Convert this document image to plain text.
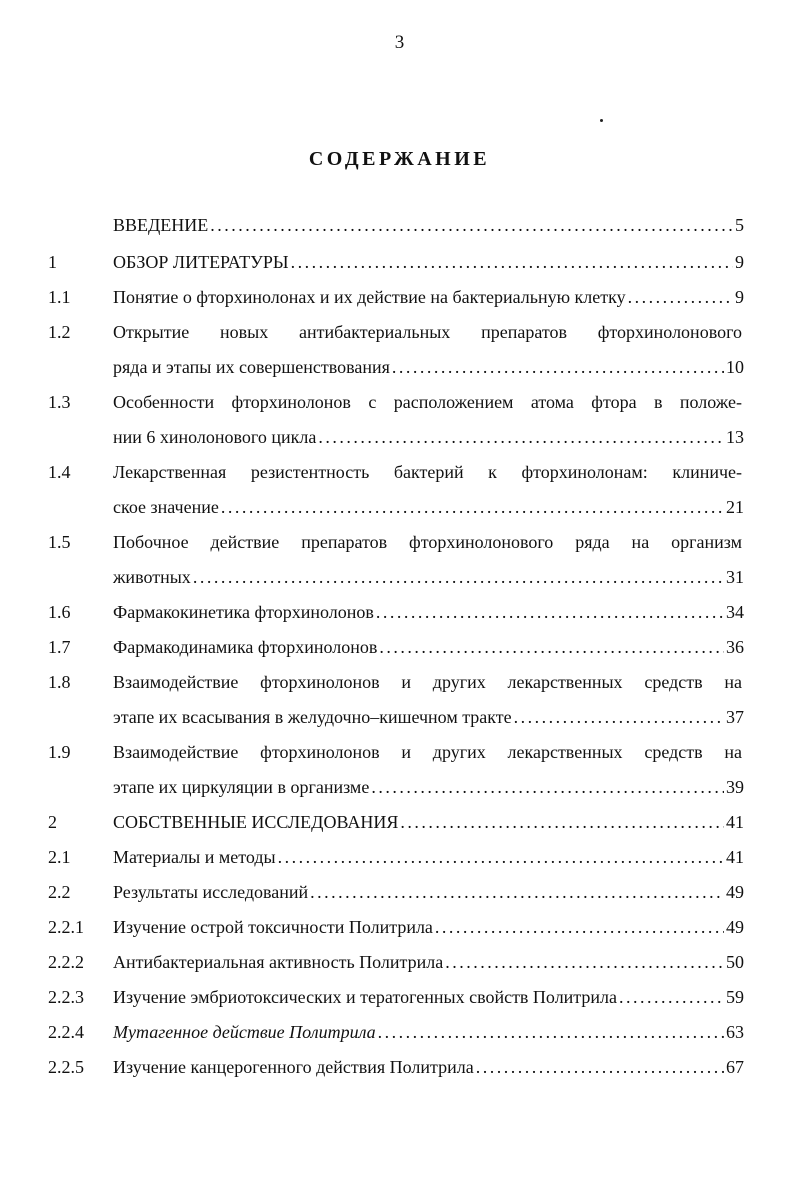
3
СОДЕРЖАНИЕ
ВВЕДЕНИЕ . . .	5
1	ОБЗОР ЛИТЕРАТУРЫ . . .	9
1.1 Понятие о фторхинолонах и их действие на бактериальную клетку . . .	9
1.2 Открытие новых антибактериальных препаратов фторхинолонового
ряда и этапы их совершенствования . . .	10
1.3 Особенности фторхинолонов с расположением атома фтора в положе-
нии 6 хинолонового цикла . . .	13
1.4 Лекарственная резистентность бактерий к фторхинолонам: клиниче-
ское значение . . .	21
1.5 Побочное действие препаратов фторхинолонового ряда на организм
животных . . .	31
1.6 Фармакокинетика фторхинолонов . . .	34
1.7 Фармакодинамика фторхинолонов . . .	36
1.8 Взаимодействие фторхинолонов и других лекарственных средств на
этапе их всасывания в желудочно–кишечном тракте . . .	37
1.9 Взаимодействие фторхинолонов и других лекарственных средств на
этапе их циркуляции в организме . . .	39
2	СОБСТВЕННЫЕ ИССЛЕДОВАНИЯ . . .	41
2.1 Материалы и методы . . .	41
2.2 Результаты исследований . . .	49
2.2.1 Изучение острой токсичности Политрила . . .	49
2.2.2 Антибактериальная активность Политрила . . .	50
2.2.3 Изучение эмбриотоксических и тератогенных свойств Политрила . . .	59
2.2.4 Мутагенное действие Политрила . . .	63
2.2.5 Изучение канцерогенного действия Политрила . . .	67
